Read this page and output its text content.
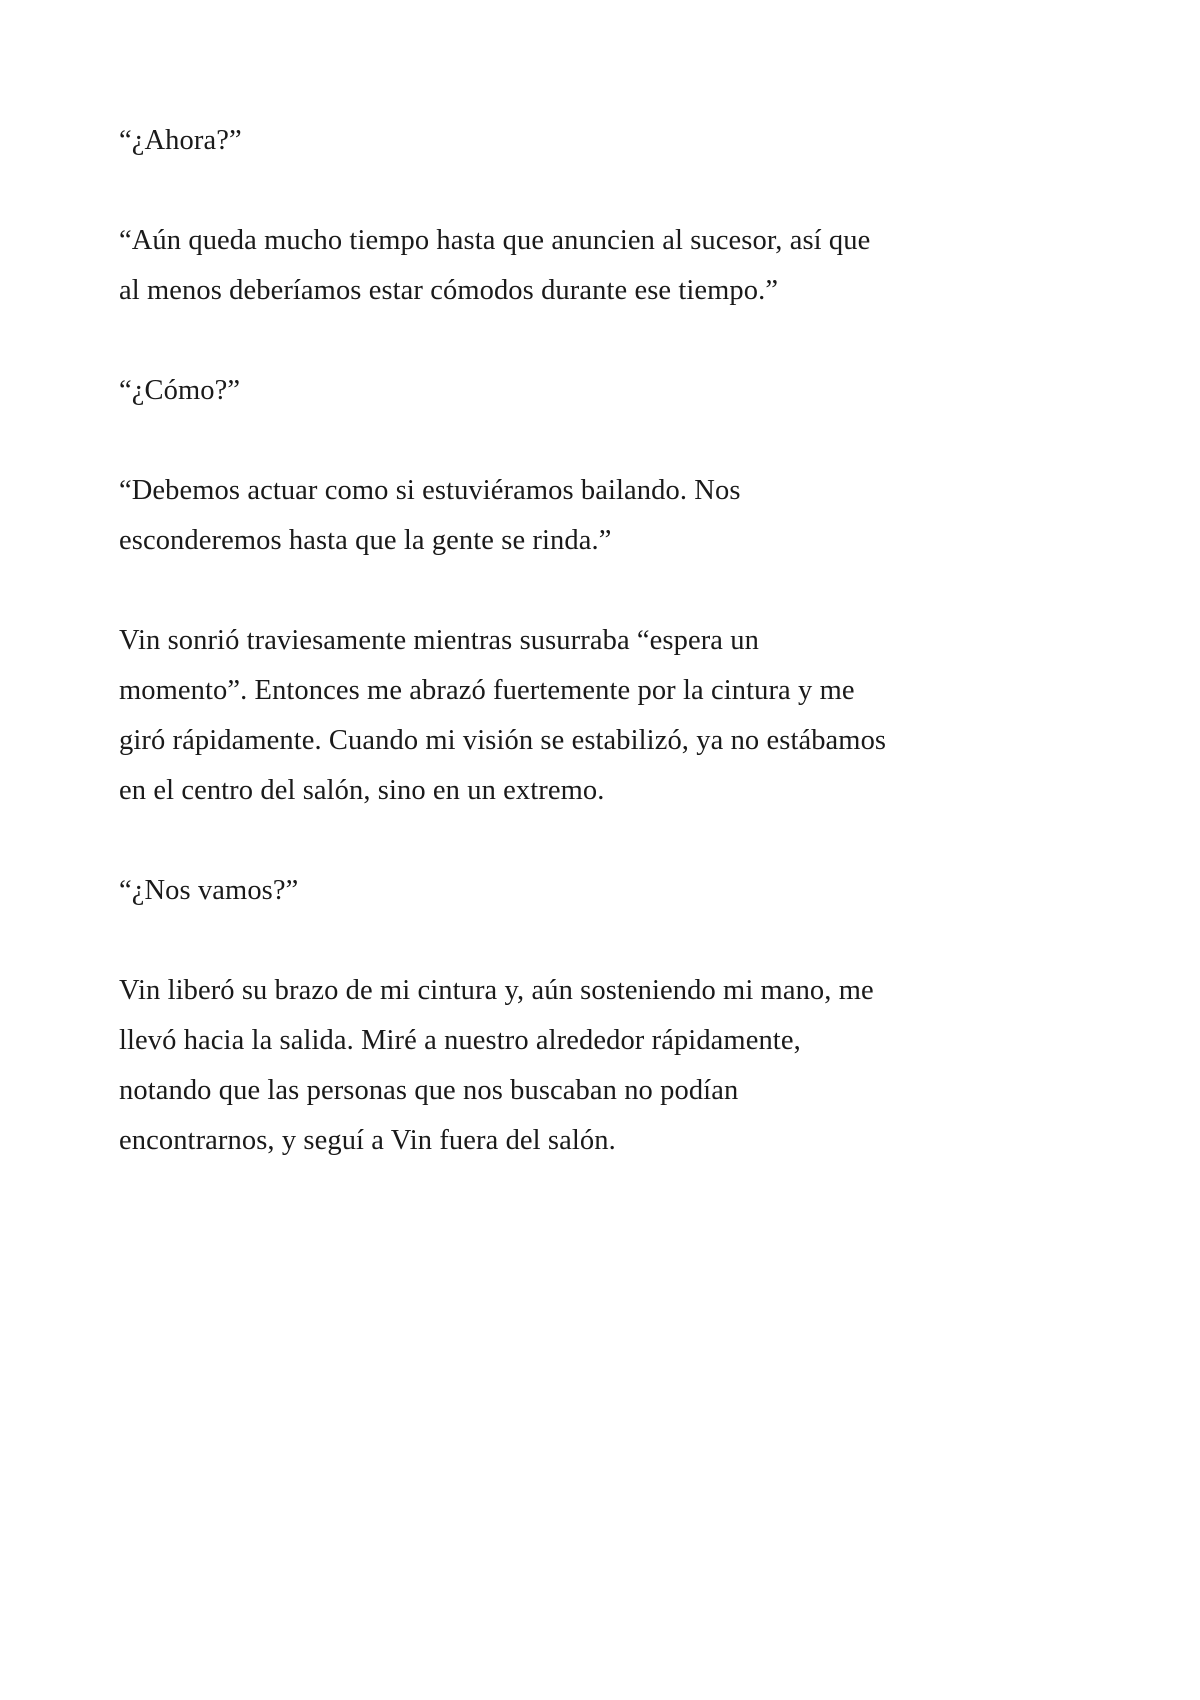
“¿Ahora?”

“Aún queda mucho tiempo hasta que anuncien al sucesor, así que
al menos deberíamos estar cómodos durante ese tiempo.”

“¿Cómo?”

“Debemos actuar como si estuviéramos bailando. Nos
esconderemos hasta que la gente se rinda.”

Vin sonrió traviesamente mientras susurraba “espera un
momento”. Entonces me abrazó fuertemente por la cintura y me
giró rápidamente. Cuando mi visión se estabilizó, ya no estábamos
en el centro del salón, sino en un extremo.

“¿Nos vamos?”

Vin liberó su brazo de mi cintura y, aún sosteniendo mi mano, me
llevó hacia la salida. Miré a nuestro alrededor rápidamente,
notando que las personas que nos buscaban no podían
encontrarnos, y seguí a Vin fuera del salón.
